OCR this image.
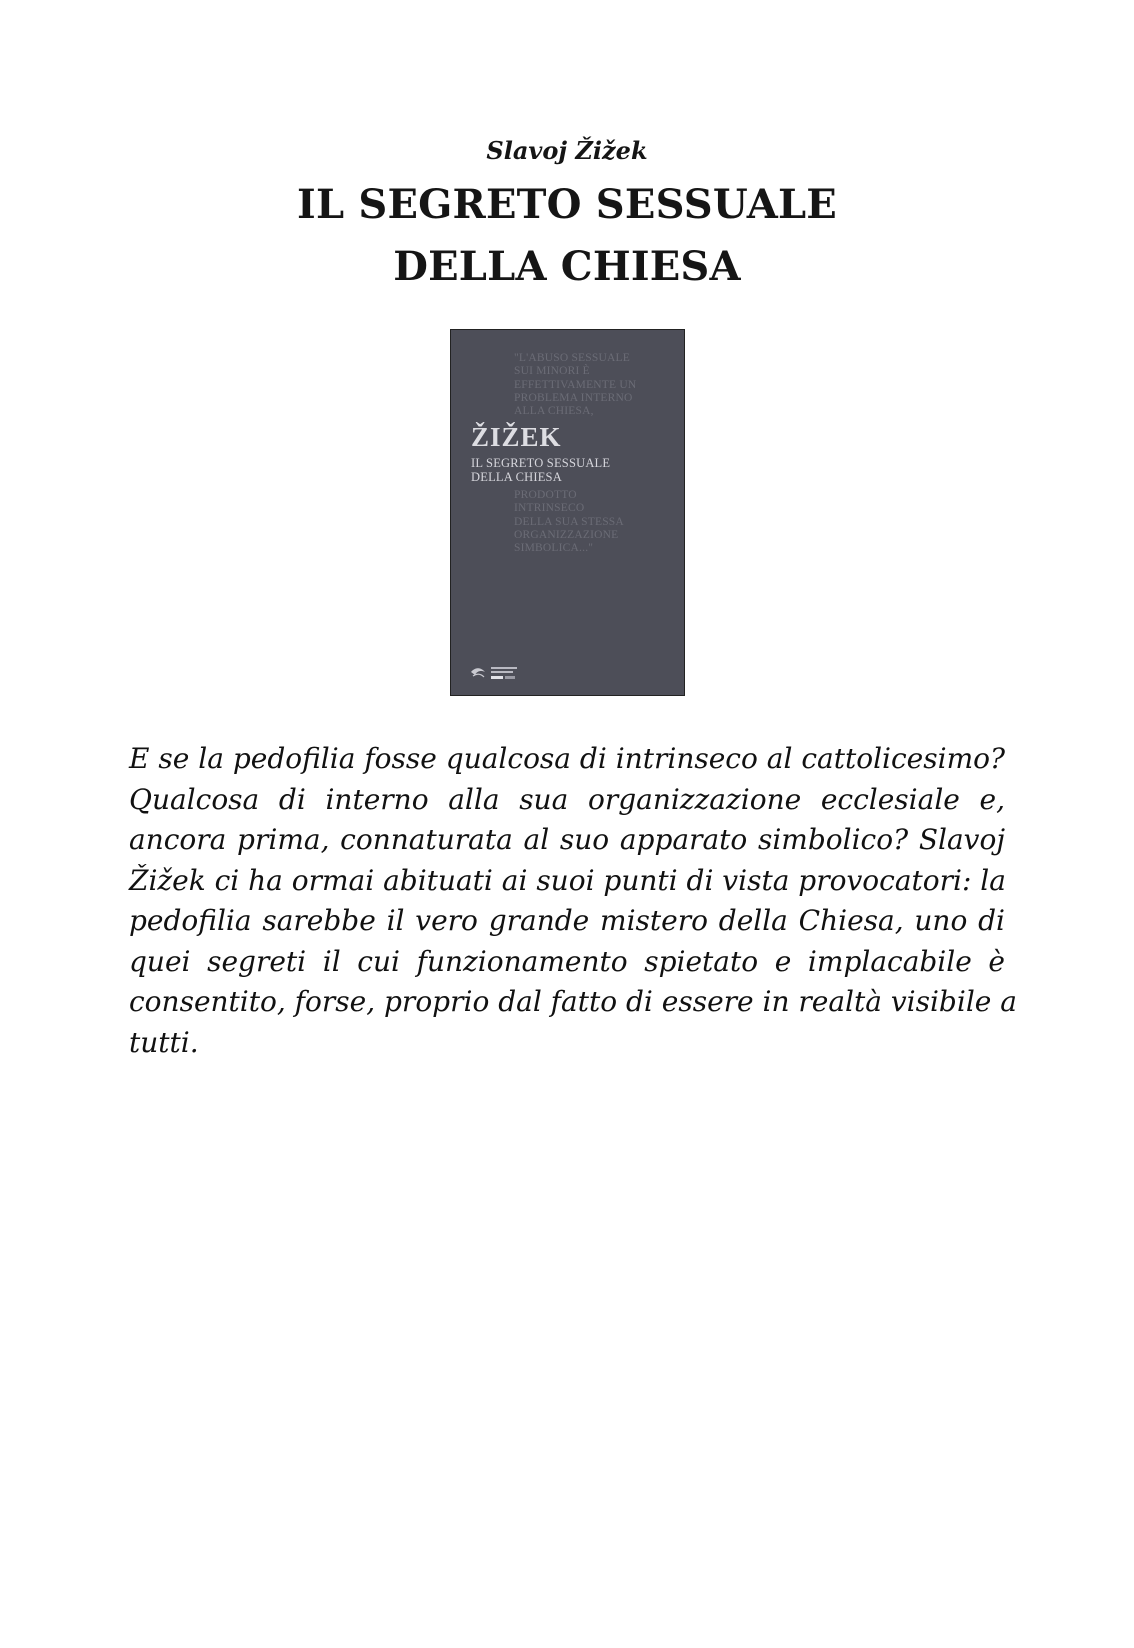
Slavoj Žižek
IL SEGRETO SESSUALE
DELLA CHIESA
"L'ABUSO SESSUALE
SUI MINORI È
EFFETTIVAMENTE UN
PROBLEMA INTERNO
ALLA CHIESA,
ŽIŽEK
IL SEGRETO SESSUALE
DELLA CHIESA
PRODOTTO
INTRINSECO
DELLA SUA STESSA
ORGANIZZAZIONE
SIMBOLICA..."
E se la pedofilia fosse qualcosa di intrinseco al cattolicesimo?
Qualcosa di interno alla sua organizzazione ecclesiale e,
ancora prima, connaturata al suo apparato simbolico? Slavoj
Žižek ci ha ormai abituati ai suoi punti di vista provocatori: la
pedofilia sarebbe il vero grande mistero della Chiesa, uno di
quei segreti il cui funzionamento spietato e implacabile è
consentito, forse, proprio dal fatto di essere in realtà visibile a
tutti.
